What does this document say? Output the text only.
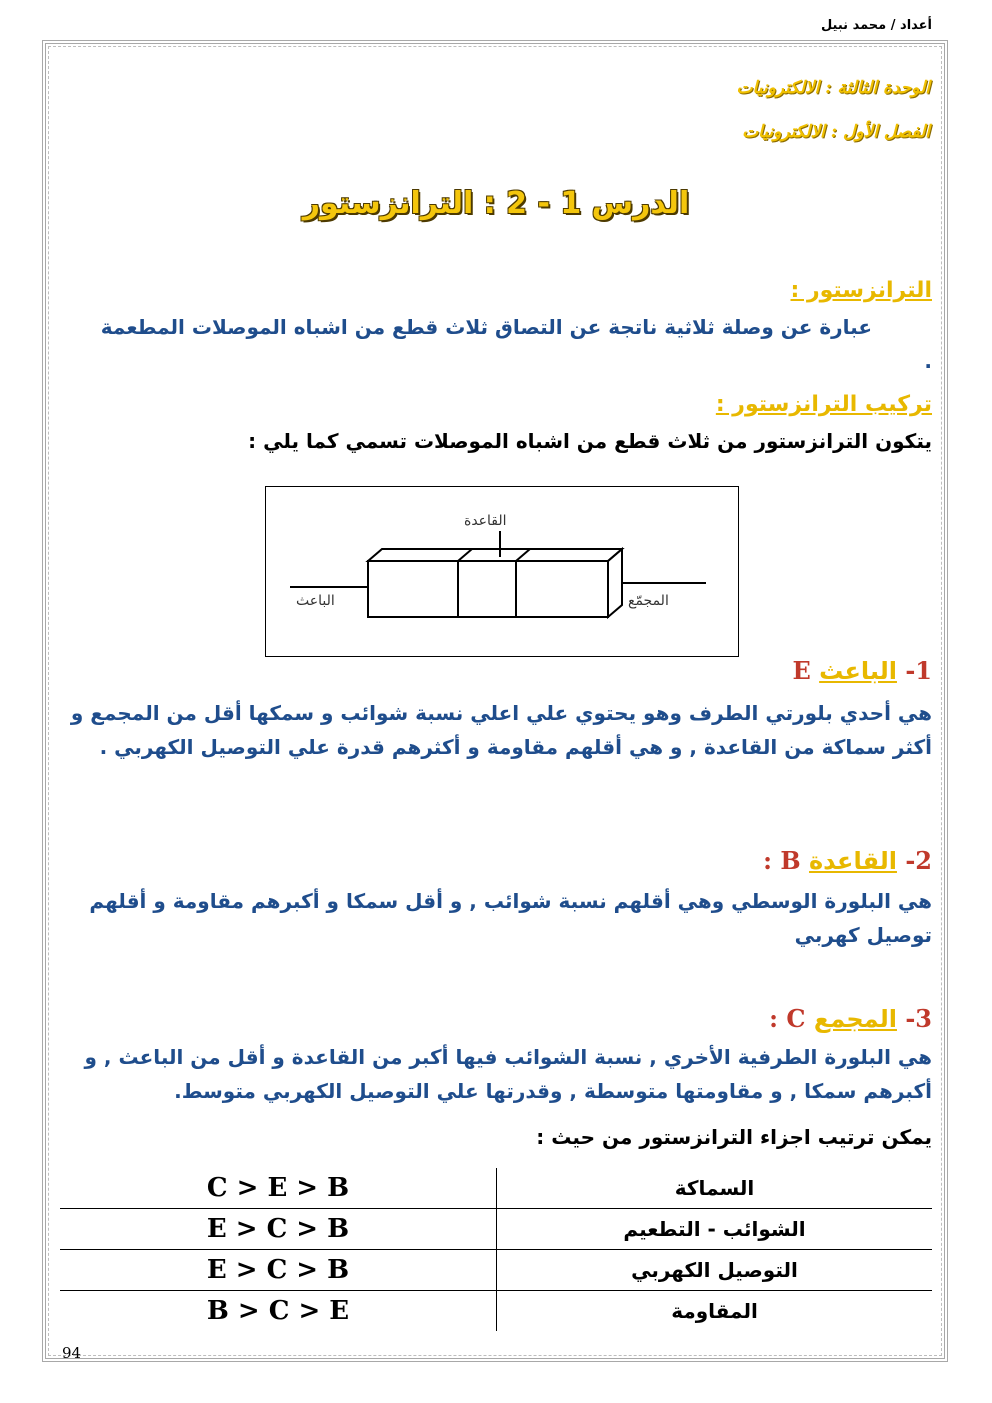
أعداد / محمد نبيل
الوحدة الثالثة : الالكترونيات
الفصل الأول : الالكترونيات
الدرس 1 - 2 : الترانزستور
الترانزستور :
عبارة عن وصلة ثلاثية ناتجة عن التصاق ثلاث قطع من اشباه الموصلات المطعمة .
تركيب الترانزستور :
يتكون الترانزستور من ثلاث قطع من اشباه الموصلات تسمي كما يلي :
القاعدة
الباعث	المجمّع
1- الباعث E
هي أحدي بلورتي الطرف وهو يحتوي علي اعلي نسبة شوائب و سمكها أقل من المجمع و أكثر سماكة من القاعدة , و هي أقلهم مقاومة و أكثرهم قدرة علي التوصيل الكهربي .
2- القاعدة B :
هي البلورة الوسطي وهي أقلهم نسبة شوائب , و أقل سمكا و أكبرهم مقاومة و أقلهم توصيل كهربي
3- المجمع C :
هي البلورة الطرفية الأخري , نسبة الشوائب فيها أكبر من القاعدة و أقل من الباعث , و أكبرهم سمكا , و مقاومتها متوسطة , وقدرتها علي التوصيل الكهربي متوسط.
يمكن ترتيب اجزاء الترانزستور من حيث :
C > E > B	السماكة
E > C > B	الشوائب - التطعيم
E > C > B	التوصيل الكهربي
B > C > E	المقاومة
94
